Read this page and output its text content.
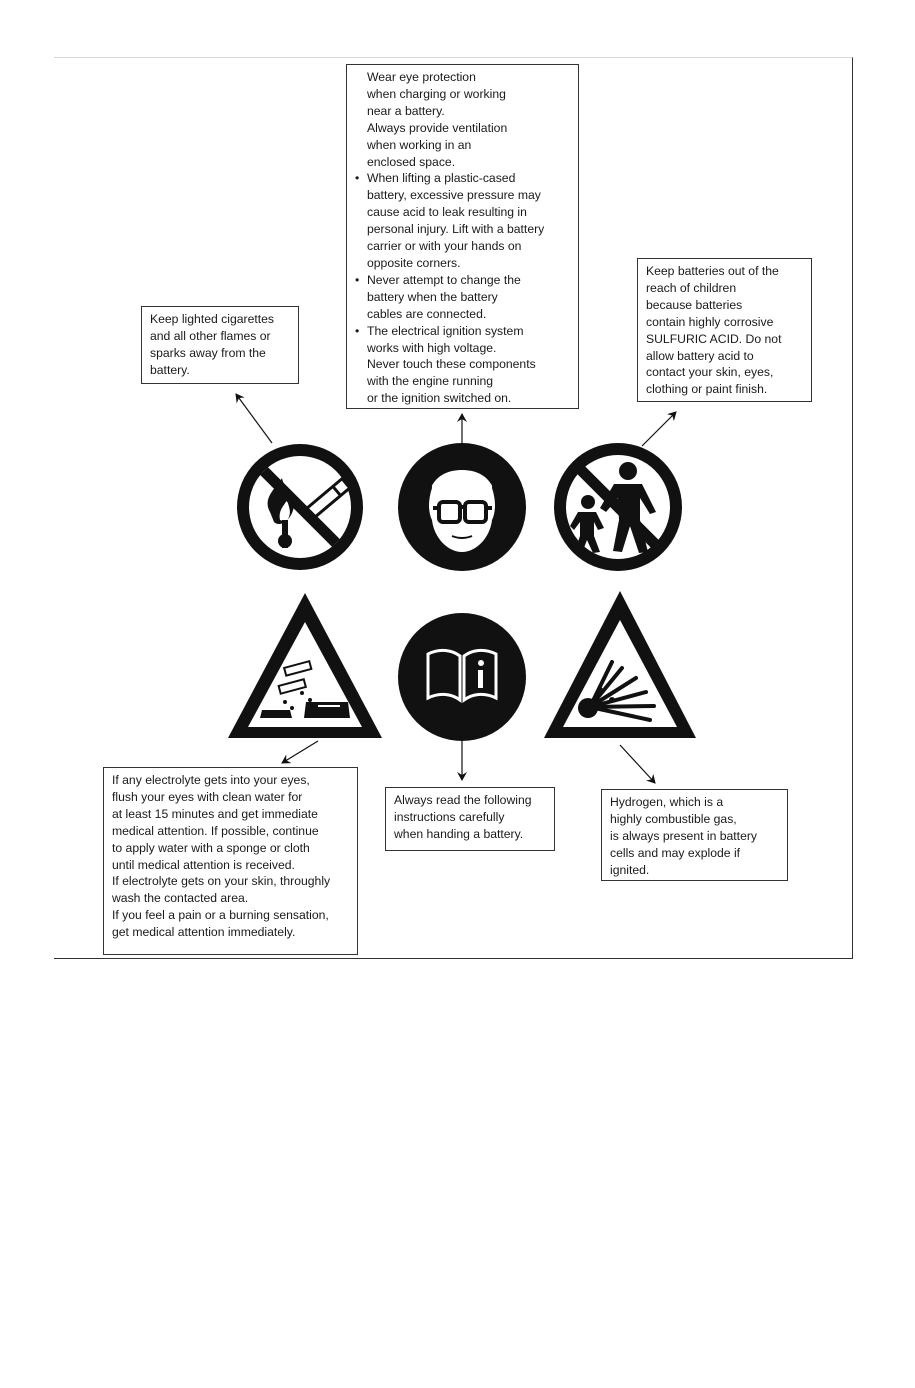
Keep lighted cigarettes
and all other flames or
sparks away from the
battery.
Wear eye protection
when charging or working
near a battery.
Always provide ventilation
when working in an
enclosed space.
• When lifting a plastic-cased
battery, excessive pressure may
cause acid to leak resulting in
personal injury. Lift with a battery
carrier or with your hands on
opposite corners.
• Never attempt to change the
battery when the battery
cables are connected.
• The electrical ignition system
works with high voltage.
Never touch these components
with the engine running
or the ignition switched on.
Keep batteries out of the
reach of children
because batteries
contain highly corrosive
SULFURIC ACID. Do not
allow battery acid to
contact your skin, eyes,
clothing or paint finish.
If any electrolyte gets into your eyes,
flush your eyes with clean water for
at least 15 minutes and get immediate
medical attention. If possible, continue
to apply water with a sponge or cloth
until medical attention is received.
If electrolyte gets on your skin, throughly
wash the contacted area.
If you feel a pain or a burning sensation,
get medical attention immediately.
Always read the following
instructions carefully
when handing a battery.
Hydrogen, which is a
highly combustible gas,
is always present in battery
cells and may explode if
ignited.
